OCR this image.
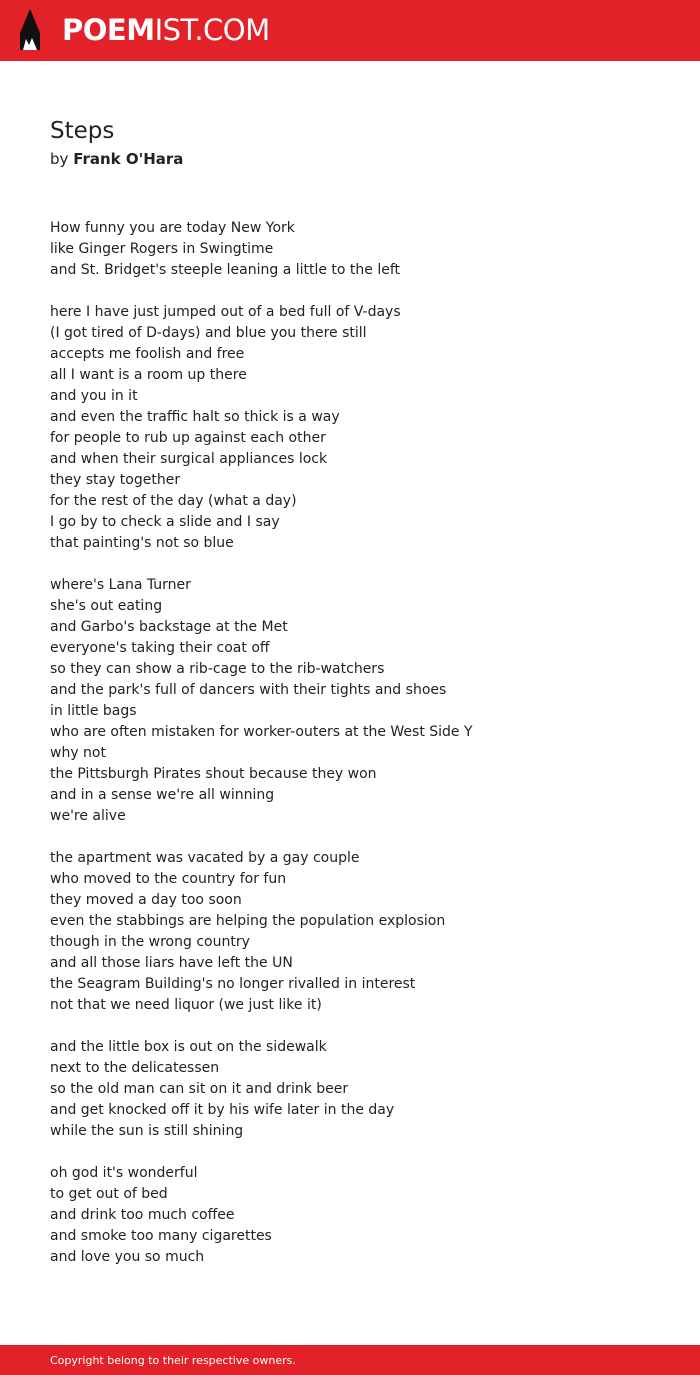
POEMIST.COM
Steps
by Frank O'Hara
How funny you are today New York
like Ginger Rogers in Swingtime
and St. Bridget's steeple leaning a little to the left
here I have just jumped out of a bed full of V-days
(I got tired of D-days) and blue you there still
accepts me foolish and free
all I want is a room up there
and you in it
and even the traffic halt so thick is a way
for people to rub up against each other
and when their surgical appliances lock
they stay together
for the rest of the day (what a day)
I go by to check a slide and I say
that painting's not so blue
where's Lana Turner
she's out eating
and Garbo's backstage at the Met
everyone's taking their coat off
so they can show a rib-cage to the rib-watchers
and the park's full of dancers with their tights and shoes
in little bags
who are often mistaken for worker-outers at the West Side Y
why not
the Pittsburgh Pirates shout because they won
and in a sense we're all winning
we're alive
the apartment was vacated by a gay couple
who moved to the country for fun
they moved a day too soon
even the stabbings are helping the population explosion
though in the wrong country
and all those liars have left the UN
the Seagram Building's no longer rivalled in interest
not that we need liquor (we just like it)
and the little box is out on the sidewalk
next to the delicatessen
so the old man can sit on it and drink beer
and get knocked off it by his wife later in the day
while the sun is still shining
oh god it's wonderful
to get out of bed
and drink too much coffee
and smoke too many cigarettes
and love you so much
Copyright belong to their respective owners.
